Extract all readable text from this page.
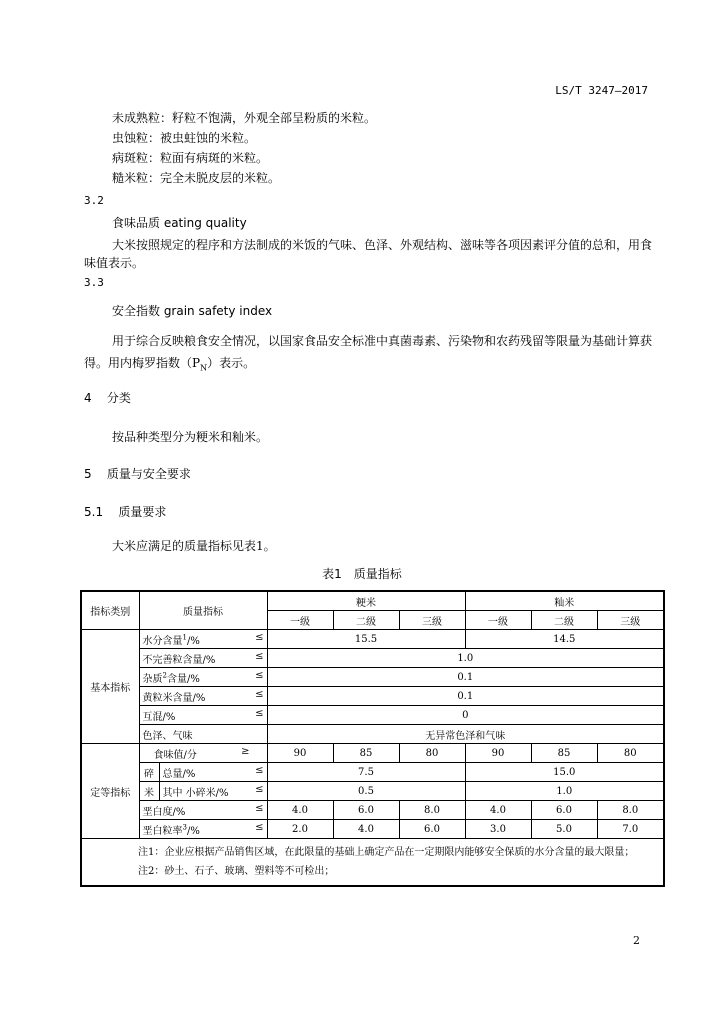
LS/T 3247—2017
未成熟粒：籽粒不饱满，外观全部呈粉质的米粒。
虫蚀粒：被虫蛀蚀的米粒。
病斑粒：粒面有病斑的米粒。
糙米粒：完全未脱皮层的米粒。
3.2
食味品质 eating quality
大米按照规定的程序和方法制成的米饭的气味、色泽、外观结构、滋味等各项因素评分值的总和，用食味值表示。
3.3
安全指数 grain safety index
用于综合反映粮食安全情况，以国家食品安全标准中真菌毒素、污染物和农药残留等限量为基础计算获得。用内梅罗指数$(P_N)$表示。
4 分类
按品种类型分为粳米和籼米。
5 质量与安全要求
5.1 质量要求
大米应满足的质量指标见表1。
表1　质量指标
指标类别	质量指标		粳米			籼米		
			一级	二级	三级	一级	二级	三级
基本指标	水分含量$^1$/% ≤		15.5			14.5		
	不完善粒含量/% ≤		1.0					
	杂质$^2$含量/% ≤		0.1					
	黄粒米含量/% ≤		0.1					
	互混/% ≤		0					
	色泽、气味		无异常色泽和气味					
定等指标	食味值/分 ≥		90	85	80	90	85	80
	碎	总量/% ≤	7.5			15.0		
	米	其中 小碎米/% ≤	0.5			1.0		
	垩白度/% ≤		4.0	6.0	8.0	4.0	6.0	8.0
	垩白粒率$^3$/% ≤		2.0	4.0	6.0	3.0	5.0	7.0

注1：企业应根据产品销售区域，在此限量的基础上确定产品在一定期限内能够安全保质的水分含量的最大限量；
注2：砂土、石子、玻璃、塑料等不可检出；								
2
